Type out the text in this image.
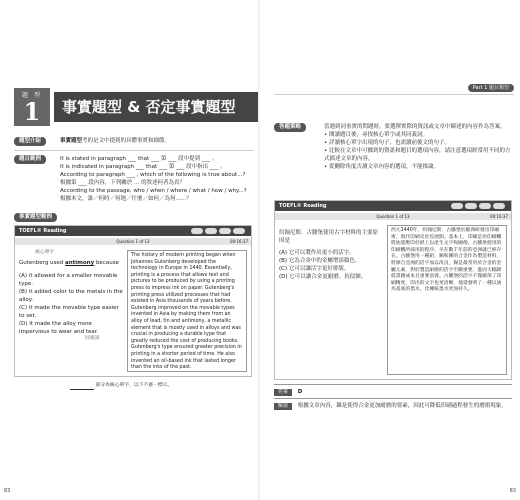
題 型
1	事實題型 & 否定事實題型
題型介紹	事實題型考的是文中提到的具體事實和細節。
題目範例	It is stated in paragraph ___ that ___ 第 ___ 段中提到 ___ 。
It is indicated in paragraph ___ that ___ 第 ___ 段中指出 ___ 。
According to paragraph ___ , which of the following is true about...?
根據第 ___ 段內容，下列關於 ... 的敘述何者為真？
According to the passage, who / when / where / what / how / why...?
根據本文，誰／何時／何地／什麼／如何／為何......？
事實題型範例
TOEFL® Reading
Question 1 of 13	00:16:37
核心單字
Gutenberg used antimony because
(A) it allowed for a smaller movable type.
(B) it added color to the metals in the alloy.
(C) it made the movable type easier to set.
(D) it made the alloy more impervious to wear and tear.
同義詞
The history of modern printing began when Johannes Gutenberg developed the technology in Europe in 1440. Essentially, printing is a process that allows text and pictures to be produced by using a printing press to impress ink on paper. Gutenberg's printing press utilized processes that had existed in Asia thousands of years before. Gutenberg improved on the movable types invented in Asia by making them from an alloy of lead, tin and antimony, a metallic element that is mostly used in alloys and was crucial in producing a durable type that greatly reduced the cost of producing books. Gutenberg's type ensured greater precision in printing in a shorter period of time. He also invented an oil-based ink that lasted longer than the inks of the past.
部分為核心單字，以下不逐一標示。
83
Part 1 題目類型
答題策略	當遇到同事實的問題時，要選擇實際的資訊或文章中陳述的內容作為答案。
• 閱讀題目後，尋找核心單字或其同義詞。
• 詳讀核心單字出現的句子，也需讀前後文的句子。
• 比較在文章中可據到的資訊和題目的選項內容，請注意選項經常用不同的方式描述文章的內容。
• 從刪除角度否讀文章內容的選項，不能推論。
TOEFL® Reading
Question 1 of 13	00:16:37
約翰尼斯．古騰堡使用古字材料的主要原因是
(A) 它可以製作出更小的活字。
(B) 它為合金中的金屬增添顏色。
(C) 它可以讓活字更好排版。
(D) 它可以讓合金更耐磨、抗侵蝕。
西元1440年，約翰尼斯．古騰堡於歐洲研發出印刷術，現代印刷史於焉展開。基本上，印刷是用印刷機將油墨壓印於紙上以產生文字和圖像。古騰堡使用的印刷機所採用的程序，早在數千年前的亞洲就已經存在。古騰堡用一種鉛、錫和銻的合金作為製造材料，將源自亞洲的活字加以改良，錫是最常用於合金的金屬元素，對於製造耐磨的活字至關重要，進而大幅降低書籍成本且重要意義。古騰堡的活字不僅確保了印刷精度，印出的文字也更清晰，他還發明了一種以油為基底的墨水，比傳統墨水更加持久。
答案 D
解說 根據文章內容，銻是使得合金更加耐磨的要素，因此可降低印刷過程發生的磨損現象。
83
